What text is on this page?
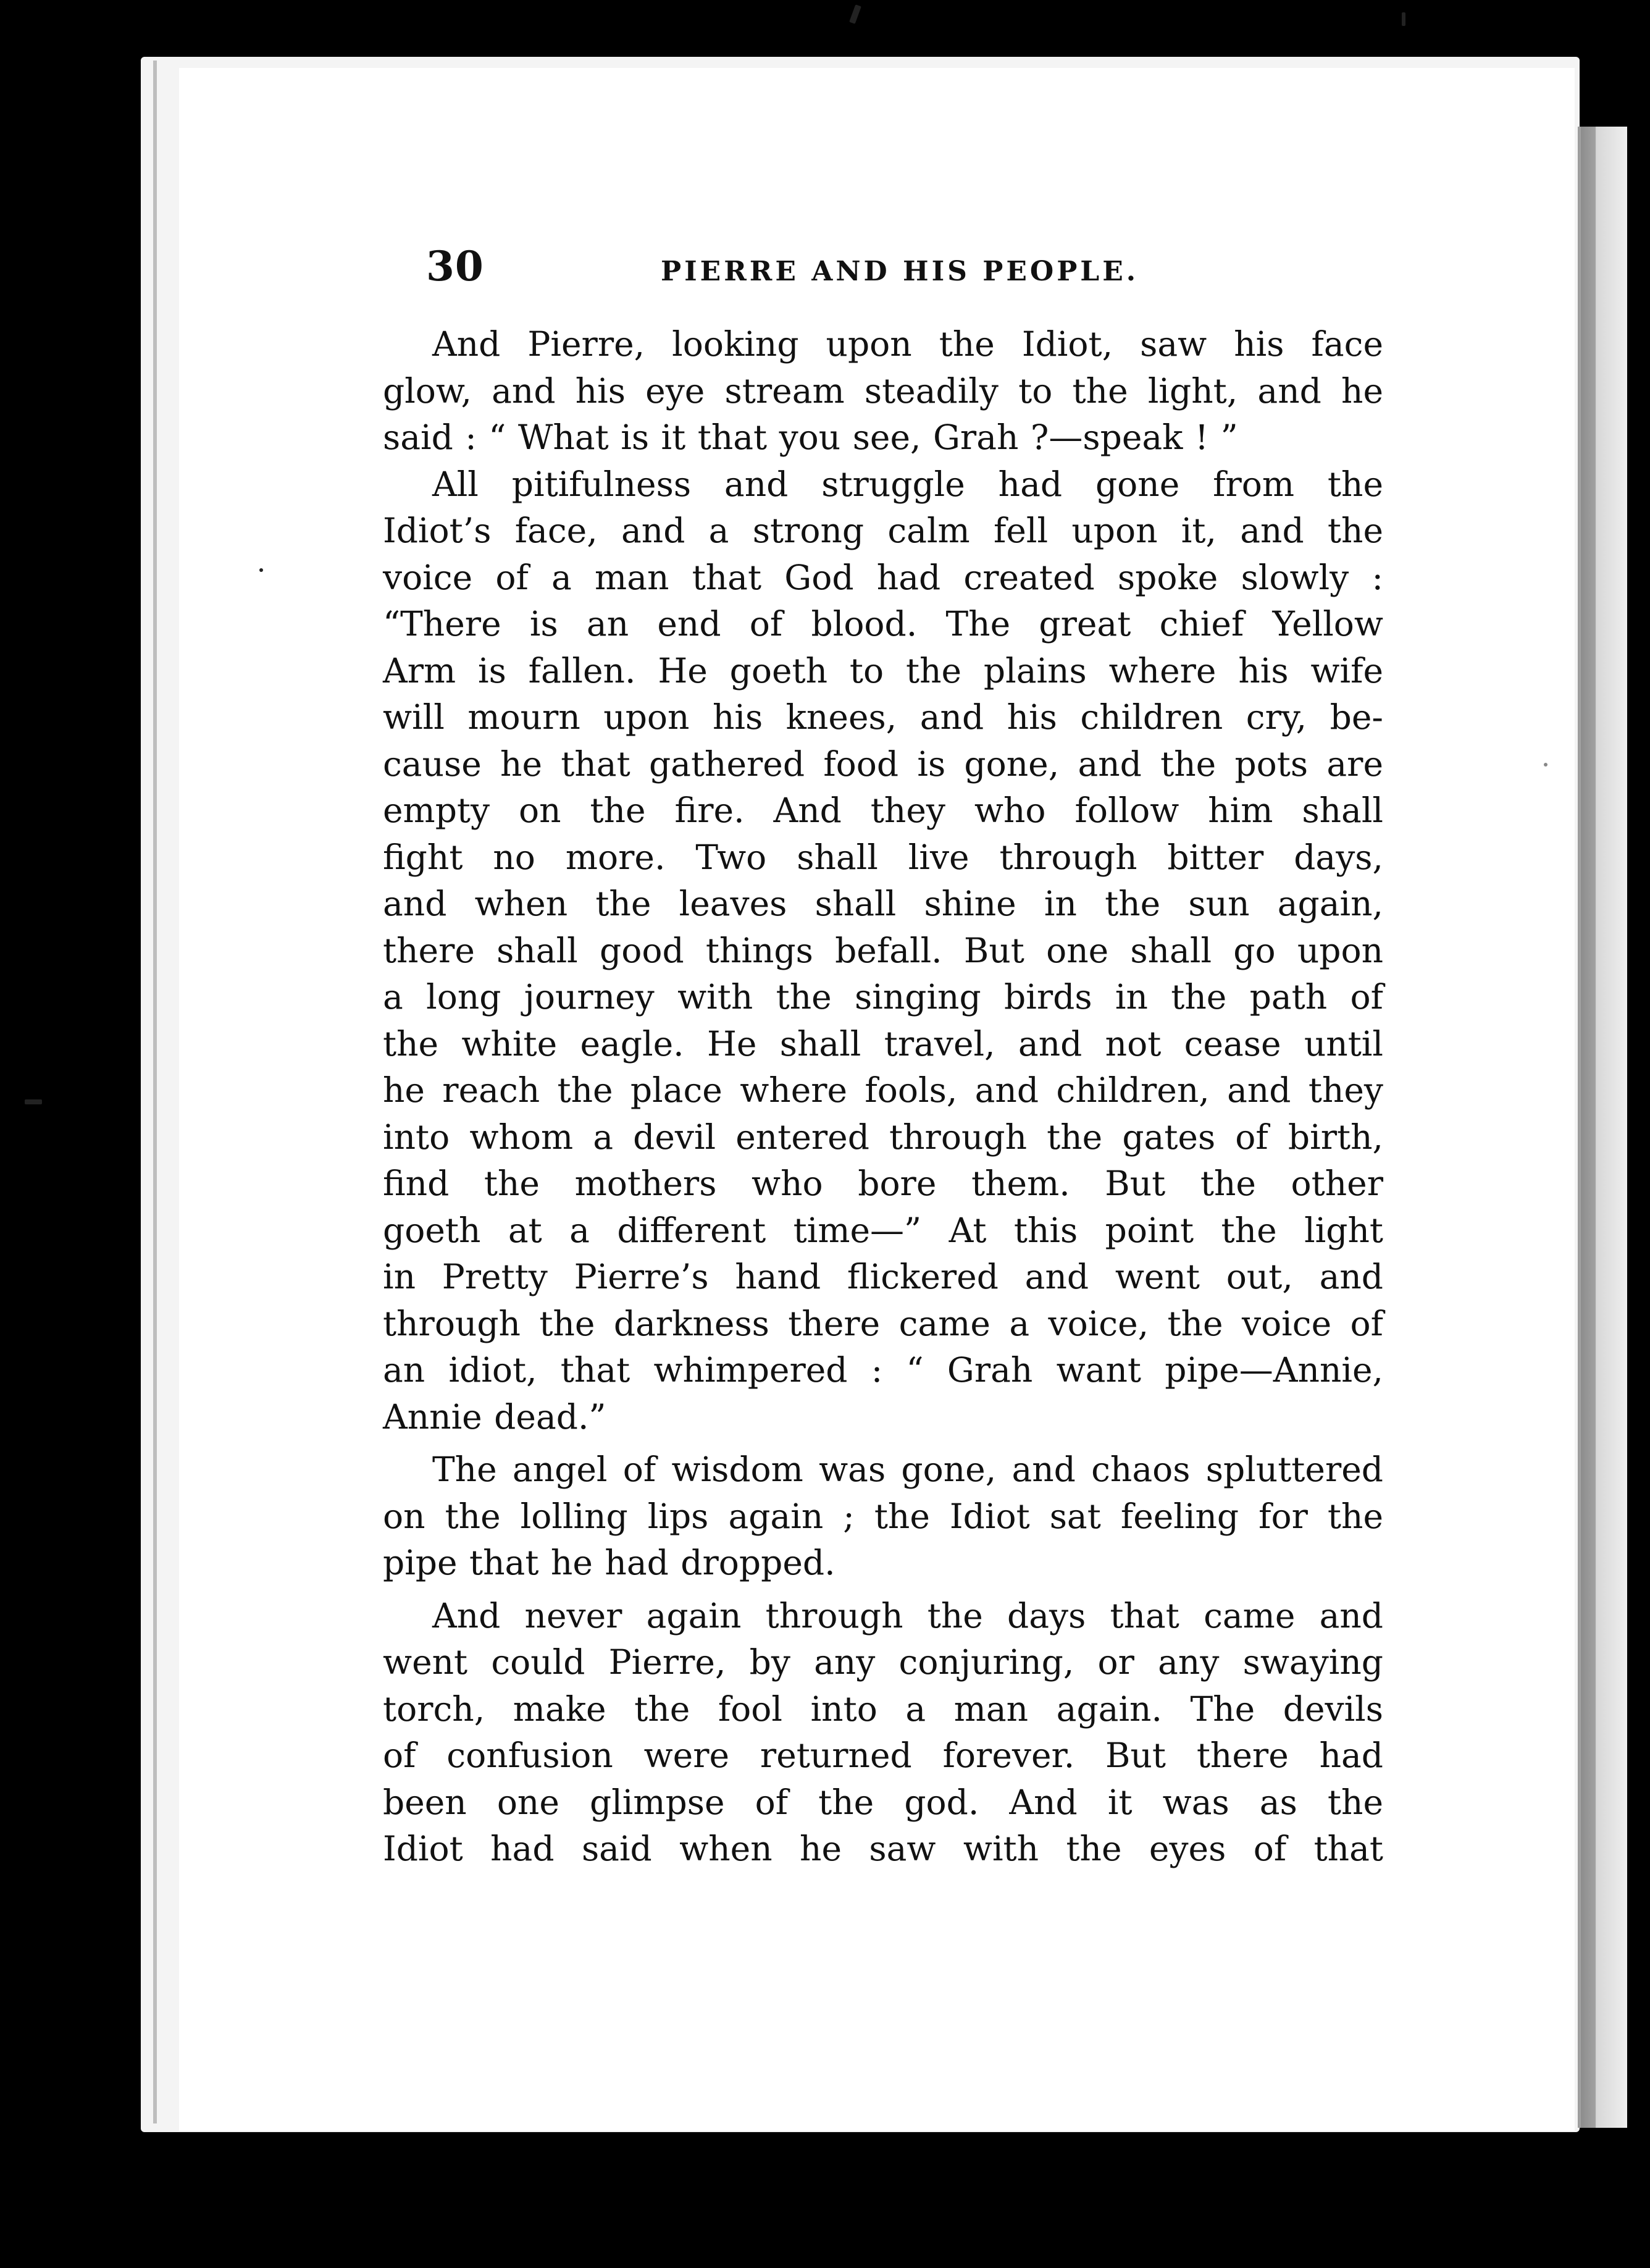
30	PIERRE AND HIS PEOPLE.
And Pierre, looking upon the Idiot, saw his face
glow, and his eye stream steadily to the light, and he
said : “ What is it that you see, Grah ?—speak ! ”
All pitifulness and struggle had gone from the
Idiot’s face, and a strong calm fell upon it, and the
voice of a man that God had created spoke slowly :
“There is an end of blood. The great chief Yellow
Arm is fallen. He goeth to the plains where his wife
will mourn upon his knees, and his children cry, be-
cause he that gathered food is gone, and the pots are
empty on the fire. And they who follow him shall
fight no more. Two shall live through bitter days,
and when the leaves shall shine in the sun again,
there shall good things befall. But one shall go upon
a long journey with the singing birds in the path of
the white eagle. He shall travel, and not cease until
he reach the place where fools, and children, and they
into whom a devil entered through the gates of birth,
find the mothers who bore them. But the other
goeth at a different time—” At this point the light
in Pretty Pierre’s hand flickered and went out, and
through the darkness there came a voice, the voice of
an idiot, that whimpered : “ Grah want pipe—Annie,
Annie dead.”
The angel of wisdom was gone, and chaos spluttered
on the lolling lips again ; the Idiot sat feeling for the
pipe that he had dropped.
And never again through the days that came and
went could Pierre, by any conjuring, or any swaying
torch, make the fool into a man again. The devils
of confusion were returned forever. But there had
been one glimpse of the god. And it was as the
Idiot had said when he saw with the eyes of that
